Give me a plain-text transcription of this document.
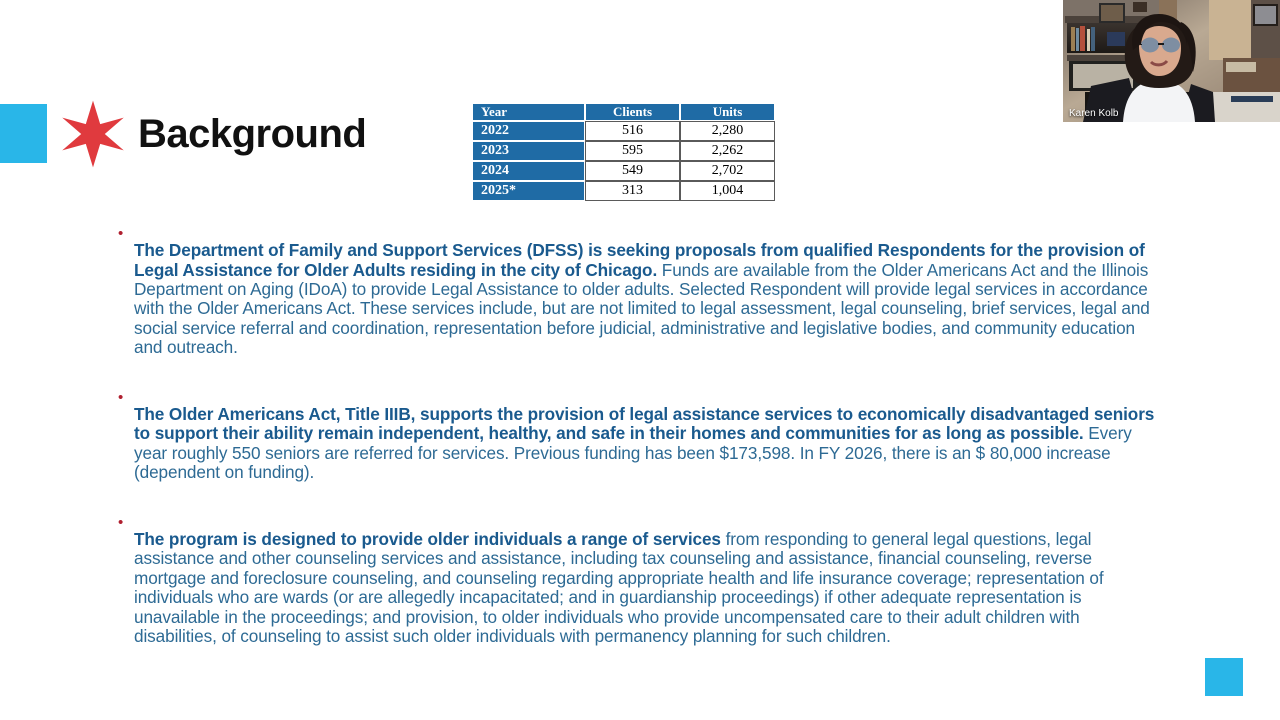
Background
Year	Clients	Units
2022	516	2,280
2023	595	2,262
2024	549	2,702
2025*	313	1,004
•

The Department of Family and Support Services (DFSS) is seeking proposals from qualified Respondents for the provision of Legal Assistance for Older Adults residing in the city of Chicago. Funds are available from the Older Americans Act and the Illinois Department on Aging (IDoA) to provide Legal Assistance to older adults. Selected Respondent will provide legal services in accordance with the Older Americans Act. These services include, but are not limited to legal assessment, legal counseling, brief services, legal and social service referral and coordination, representation before judicial, administrative and legislative bodies, and community education and outreach.

•

The Older Americans Act, Title IIIB, supports the provision of legal assistance services to economically disadvantaged seniors to support their ability remain independent, healthy, and safe in their homes and communities for as long as possible. Every year roughly 550 seniors are referred for services. Previous funding has been $173,598. In FY 2026, there is an $ 80,000 increase (dependent on funding).

•

The program is designed to provide older individuals a range of services from responding to general legal questions, legal assistance and other counseling services and assistance, including tax counseling and assistance, financial counseling, reverse mortgage and foreclosure counseling, and counseling regarding appropriate health and life insurance coverage; representation of individuals who are wards (or are allegedly incapacitated; and in guardianship proceedings) if other adequate representation is unavailable in the proceedings; and provision, to older individuals who provide uncompensated care to their adult children with disabilities, of counseling to assist such older individuals with permanency planning for such children.

Karen Kolb
